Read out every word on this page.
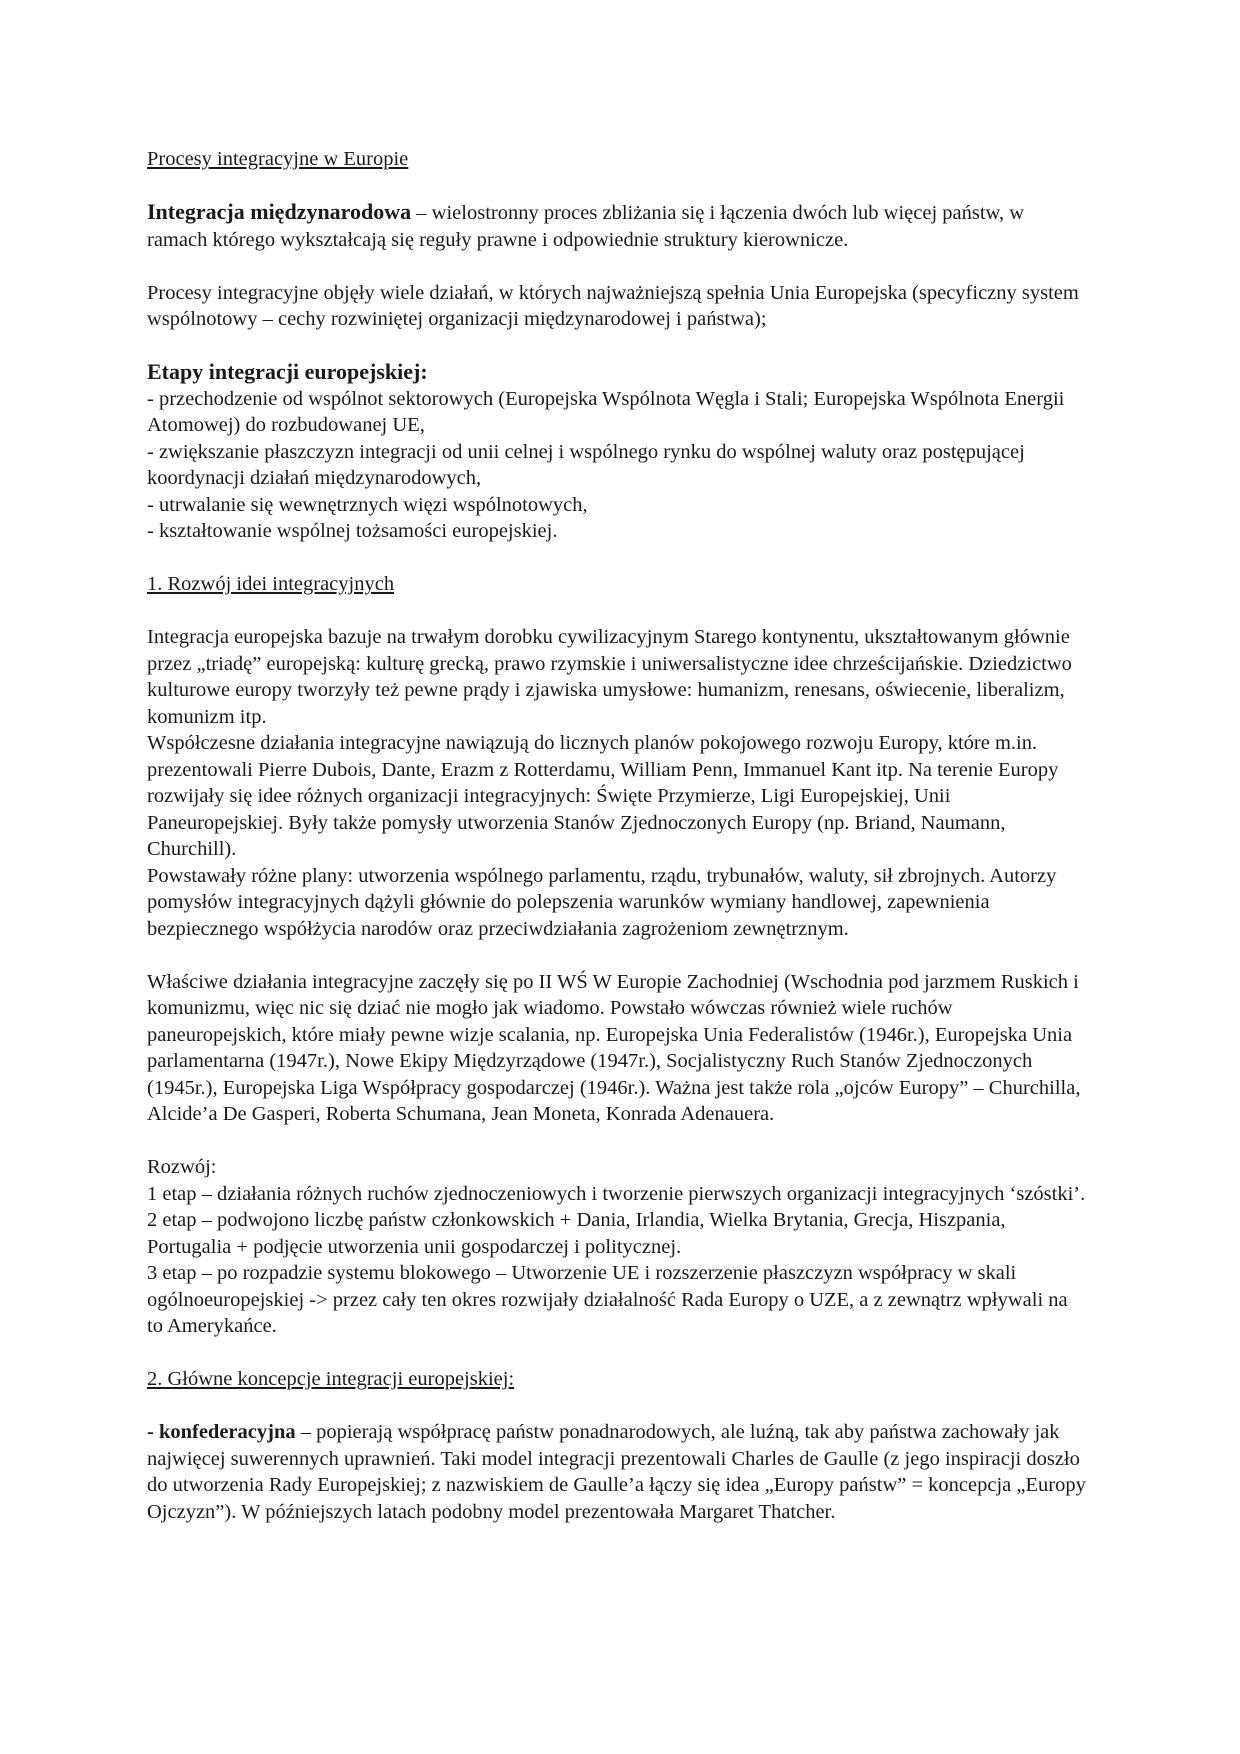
Procesy integracyjne w Europie

Integracja międzynarodowa – wielostronny proces zbliżania się i łączenia dwóch lub więcej państw, w ramach którego wykształcają się reguły prawne i odpowiednie struktury kierownicze.

Procesy integracyjne objęły wiele działań, w których najważniejszą spełnia Unia Europejska (specyficzny system wspólnotowy – cechy rozwiniętej organizacji międzynarodowej i państwa);

Etapy integracji europejskiej:

- przechodzenie od wspólnot sektorowych (Europejska Wspólnota Węgla i Stali; Europejska Wspólnota Energii Atomowej) do rozbudowanej UE,

- zwiększanie płaszczyzn integracji od unii celnej i wspólnego rynku do wspólnej waluty oraz postępującej koordynacji działań międzynarodowych,

- utrwalanie się wewnętrznych więzi wspólnotowych,

- kształtowanie wspólnej tożsamości europejskiej.

1. Rozwój idei integracyjnych

Integracja europejska bazuje na trwałym dorobku cywilizacyjnym Starego kontynentu, ukształtowanym głównie przez „triadę” europejską: kulturę grecką, prawo rzymskie i uniwersalistyczne idee chrześcijańskie. Dziedzictwo kulturowe europy tworzyły też pewne prądy i zjawiska umysłowe: humanizm, renesans, oświecenie, liberalizm, komunizm itp.

Współczesne działania integracyjne nawiązują do licznych planów pokojowego rozwoju Europy, które m.in. prezentowali Pierre Dubois, Dante, Erazm z Rotterdamu, William Penn, Immanuel Kant itp. Na terenie Europy rozwijały się idee różnych organizacji integracyjnych: Święte Przymierze, Ligi Europejskiej, Unii Paneuropejskiej. Były także pomysły utworzenia Stanów Zjednoczonych Europy (np. Briand, Naumann, Churchill).

Powstawały różne plany: utworzenia wspólnego parlamentu, rządu, trybunałów, waluty, sił zbrojnych. Autorzy pomysłów integracyjnych dążyli głównie do polepszenia warunków wymiany handlowej, zapewnienia bezpiecznego współżycia narodów oraz przeciwdziałania zagrożeniom zewnętrznym.

Właściwe działania integracyjne zaczęły się po II WŚ W Europie Zachodniej (Wschodnia pod jarzmem Ruskich i komunizmu, więc nic się dziać nie mogło jak wiadomo. Powstało wówczas również wiele ruchów paneuropejskich, które miały pewne wizje scalania, np. Europejska Unia Federalistów (1946r.), Europejska Unia parlamentarna (1947r.), Nowe Ekipy Międzyrządowe (1947r.), Socjalistyczny Ruch Stanów Zjednoczonych (1945r.), Europejska Liga Współpracy gospodarczej (1946r.). Ważna jest także rola „ojców Europy” – Churchilla, Alcide’a De Gasperi, Roberta Schumana, Jean Moneta, Konrada Adenauera.

Rozwój:

1 etap – działania różnych ruchów zjednoczeniowych i tworzenie pierwszych organizacji integracyjnych ‘szóstki’.

2 etap – podwojono liczbę państw członkowskich + Dania, Irlandia, Wielka Brytania, Grecja, Hiszpania, Portugalia + podjęcie utworzenia unii gospodarczej i politycznej.

3 etap – po rozpadzie systemu blokowego – Utworzenie UE i rozszerzenie płaszczyzn współpracy w skali ogólnoeuropejskiej -> przez cały ten okres rozwijały działalność Rada Europy o UZE, a z zewnątrz wpływali na to Amerykańce.

2. Główne koncepcje integracji europejskiej:

- konfederacyjna – popierają współpracę państw ponadnarodowych, ale luźną, tak aby państwa zachowały jak najwięcej suwerennych uprawnień. Taki model integracji prezentowali Charles de Gaulle (z jego inspiracji doszło do utworzenia Rady Europejskiej; z nazwiskiem de Gaulle’a łączy się idea „Europy państw” = koncepcja „Europy Ojczyzn”). W późniejszych latach podobny model prezentowała Margaret Thatcher.
